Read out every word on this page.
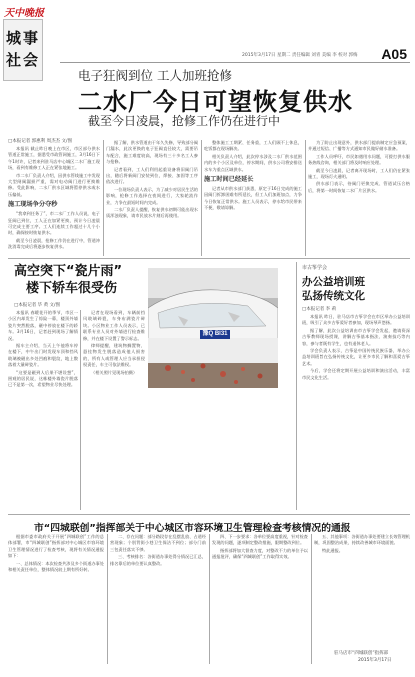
天中晚报
城事
社会	2015年3月17日 星期二 责任编辑 刘青 美编 李 校对 郭梅 A05
电子狂阀到位 工人加班抢修
二水厂今日可望恢复供水
截至今日凌晨，抢修工作仍在进行中
□本报记者 郭惠利 周杰杰 文/图

本报讯 截止昨日晚上在市区，市区部分供水管道正常施工，据悉受市政管网施工，3月16日下午1时许，记者来到驻马店中心城区二水厂施工现场，看到有维修工人正在紧张地施工。

市二水厂负责人介绍，因供水管线施工中发现大型闸阀漏损严重，需对电动阀门进行更换维修。受此影响，二水厂供水区域将暂停供水或水压偏低。

施工现场争分夺秒

“我拿到任务了”，市二水厂工作人员说，电子狂阀已到位，工人正在加紧更换，预计今日凌晨可完成主要工序。工人们连续工作超过十几个小时，确保按时恢复供水。

截至今日凌晨，抢修工作仍在进行中，管道冲洗消毒完成后将逐步恢复供水。

据了解，供水管道由于年久失修，导致部分阀门漏水，此次更换的电子狂阀直径较大，需要吊车配合，施工难度较高，现场有三十多名工人参与抢修。

记者看到，工人们利用起重设备将旧阀门吊出，随后将新阀门安装到位，焊接、加固等工序依次进行。

一位现场负责人表示，为了减少对居民生活的影响，抢修工作选择在夜间进行，大家轮流作业，力争在最短时间内完成。

二水厂负责人提醒，恢复供水初期可能出现水质浑浊现象，请市民放水片刻后再使用。

整体施工工期紧、任务重，工人们顾不上休息，吃饭都在现场解决。

相关负责人介绍，此次停水涉及二水厂供水范围内的多个小区及单位，停水期间，供水公司将安排送水车为重点区域供水。

施工时间已经延长

记者从市供水部门获悉，原定于16日完成的施工因阀门拆卸困难有所延长，但工人们加班加点，力争今日恢复正常供水。施工人员表示，停水给市民带来不便，敬请谅解。

为了防止出现意外，供水部门提前制定应急预案，并通过短信、广播等方式通知市民做好储水准备。

工作人员呼吁，市民如遇用水问题，可拨打供水服务热线咨询，相关部门将及时响应处理。

截至今日凌晨，记者离开现场时，工人们仍在紧张施工，现场灯火通明。

供水部门表示，待阀门更换完成、管道试压合格后，将第一时间恢复二水厂片区供水。

高空突下“瓷片雨”
楼下轿车很受伤
□本报记者 毕 黄 文/图

本报讯 春暖花开的季节，市区一小区内却发生了惊险一幕，楼顶外墙瓷片突然脱落，砸中停放在楼下的轿车。3月16日，记者赶到现场了解情况。

据车主介绍，当天上午他将车停在楼下，中午出门时发现车顶和挡风玻璃被砸出多处凹痕和裂纹，地上散落着大量碎瓷片。

“这要是砸到人后果不堪设想”，围观的居民说，这栋楼外墙瓷片脱落已不是第一次，希望物业尽快处理。

记者在现场看到，车辆前挡风玻璃碎裂，车身布满瓷片碎块。小区物业工作人员表示，已联系专业人员对外墙进行检查维修，并在楼下设置了警示标志。

律师提醒，建筑物搁置物、悬挂物发生脱落造成他人损害的，所有人或管理人应当承担侵权责任，车主可依法维权。

（相关照片见现场拍摄）

豫Q BI31
市古筝学会
办公益培训班
弘扬传统文化
□本报记者 李 莉

本报讯 昨日，驻马店市古筝学会在市区举办公益培训班，吸引了众多古筝爱好者参加，现场琴声悠扬。

据了解，此次公益培训由市古筝学会发起，邀请资深古筝教师现场授课，讲解古筝基本指法、演奏技巧等内容，参与者既有学生，也有退休老人。

学会负责人表示，古筝是中国传统民族乐器，举办公益培训班旨在弘扬传统文化，让更多市民了解和喜爱古筝艺术。

今后，学会还将定期开展公益培训和演出活动，丰富市民文化生活。

市“四城联创”指挥部关于中心城区市容环境卫生管理检查考核情况的通报

根据市委市政府关于开展“四城联创”工作的总体部署，市“四城联创”指挥部对中心城区市容环境卫生管理情况进行了检查考核，现将有关情况通报如下：

一、总体情况：本次检查共涉及多个街道办事处和相关责任单位，整体情况较上期有所好转。

二、存在问题：部分路段存在乱摆乱放、占道经营现象；个别背街小巷卫生保洁不到位；部分门前三包责任落实不够。

三、考核排名：各街道办事处得分情况已汇总，排名靠后的单位要认真整改。

四、下一步要求：各单位要高度重视，针对检查发现的问题，逐项制定整改措施，限期整改到位。

指挥部将加大督查力度，对整改不力的单位予以通报批评，确保“四城联创”工作取得实效。

五、其他事项：各街道办事处要建立长效管理机制，巩固整治成果，持续改善城市环境面貌。

特此通报。

驻马店市“四城联创”指挥部
2015年3月17日
